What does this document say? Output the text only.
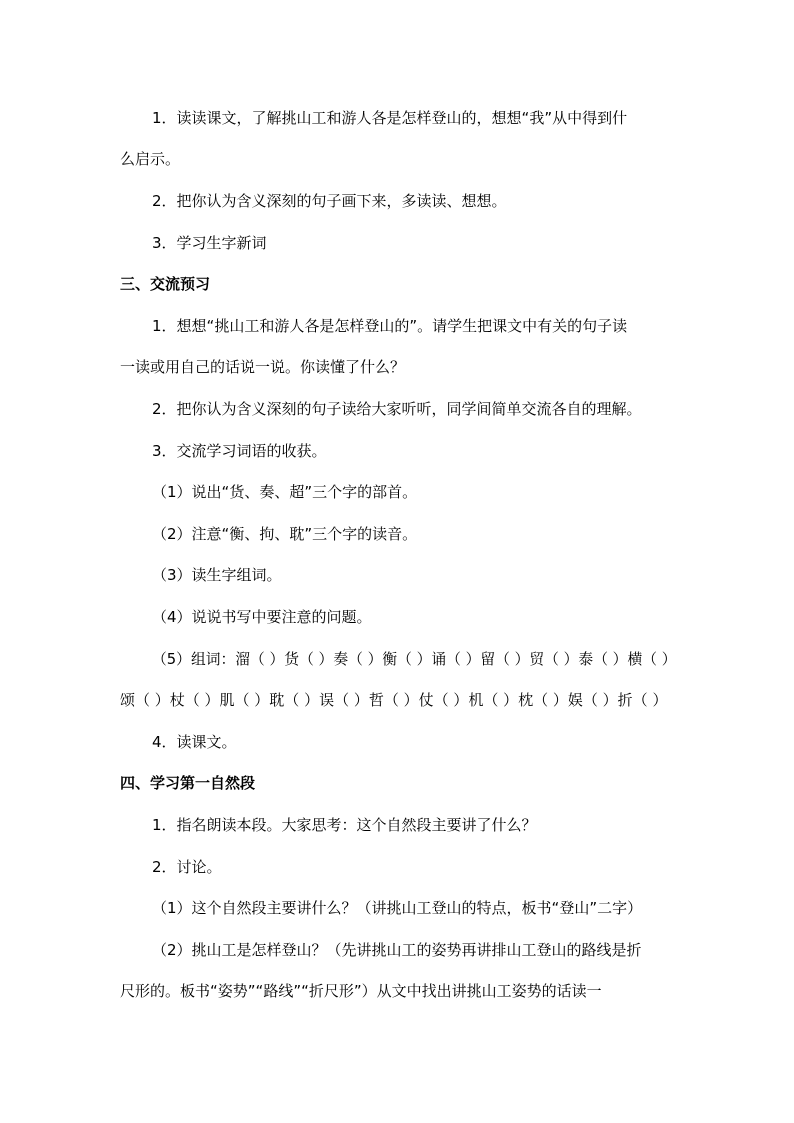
1．读读课文，了解挑山工和游人各是怎样登山的，想想“我”从中得到什

么启示。

2．把你认为含义深刻的句子画下来，多读读、想想。

3．学习生字新词

三、交流预习

1．想想“挑山工和游人各是怎样登山的”。请学生把课文中有关的句子读

一读或用自己的话说一说。你读懂了什么？

2．把你认为含义深刻的句子读给大家听听，同学间简单交流各自的理解。

3．交流学习词语的收获。

（1）说出“货、奏、超”三个字的部首。

（2）注意“衡、拘、耽”三个字的读音。

（3）读生字组词。

（4）说说书写中要注意的问题。

（5）组词：溜（ ）货（ ）奏（ ）衡（ ）诵（ ）留（ ）贸（ ）泰（ ）横（ ）

颂（ ）杖（ ）肌（ ）耽（ ）误（ ）哲（ ）仗（ ）机（ ）枕（ ）娱（ ）折（ ）

4．读课文。

四、学习第一自然段

1．指名朗读本段。大家思考：这个自然段主要讲了什么？

2．讨论。

（1）这个自然段主要讲什么？（讲挑山工登山的特点，板书“登山”二字）

（2）挑山工是怎样登山？（先讲挑山工的姿势再讲排山工登山的路线是折

尺形的。板书“姿势”“路线”“折尺形”）从文中找出讲挑山工姿势的话读一
